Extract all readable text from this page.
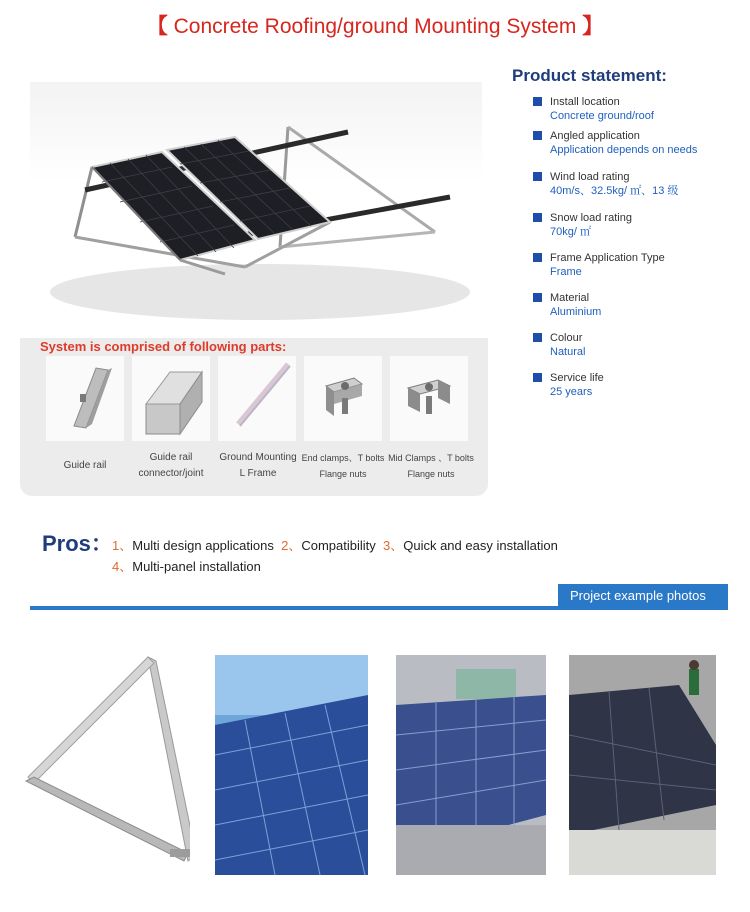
【 Concrete Roofing/ground Mounting System 】
Product statement:
Install location
Concrete ground/roof
Angled application
Application depends on needs
Wind load rating
40m/s、32.5kg/ ㎡、13 级
Snow load rating
70kg/ ㎡
Frame Application Type
Frame
Material
Aluminium
Colour
Natural
Service life
25 years
System is comprised of following parts:
Guide rail
Guide rail
connector/joint
Ground Mounting
L Frame
End clamps、T bolts
Flange nuts
Mid Clamps 、T bolts
Flange nuts
Pros： 1、Multi design applications 2、Compatibility 3、Quick and easy installation
4、Multi-panel installation
Project example photos
